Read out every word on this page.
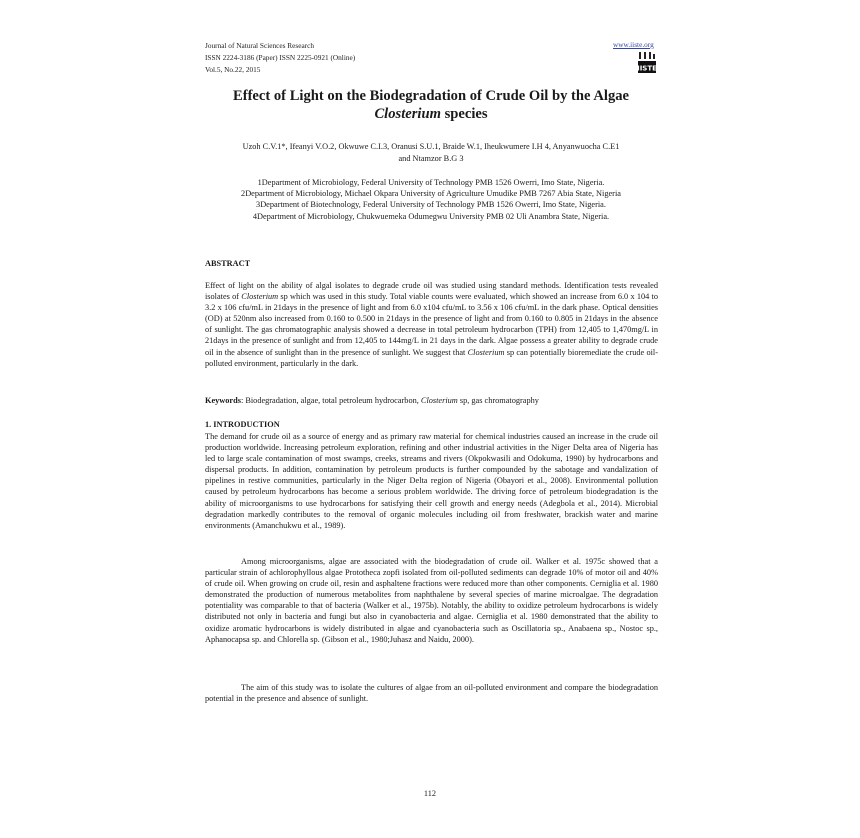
Journal of Natural Sciences Research
ISSN 2224-3186 (Paper) ISSN 2225-0921 (Online)
Vol.5, No.22, 2015
www.iiste.org
IISTE
Effect of Light on the Biodegradation of Crude Oil by the Algae
Closterium species
Uzoh C.V.1*, Ifeanyi V.O.2, Okwuwe C.I.3, Oranusi S.U.1, Braide W.1, Iheukwumere I.H 4, Anyanwuocha C.E1
and Ntamzor B.G 3
1Department of Microbiology, Federal University of Technology PMB 1526 Owerri, Imo State, Nigeria.
2Department of Microbiology, Michael Okpara University of Agriculture Umudike PMB 7267 Abia State, Nigeria
3Department of Biotechnology, Federal University of Technology PMB 1526 Owerri, Imo State, Nigeria.
4Department of Microbiology, Chukwuemeka Odumegwu University PMB 02 Uli Anambra State, Nigeria.
ABSTRACT
Effect of light on the ability of algal isolates to degrade crude oil was studied using standard methods. Identification tests revealed isolates of Closterium sp which was used in this study. Total viable counts were evaluated, which showed an increase from 6.0 x 104 to 3.2 x 106 cfu/mL in 21days in the presence of light and from 6.0 x104 cfu/mL to 3.56 x 106 cfu/mL in the dark phase. Optical densities (OD) at 520nm also increased from 0.160 to 0.500 in 21days in the presence of light and from 0.160 to 0.805 in 21days in the absence of sunlight. The gas chromatographic analysis showed a decrease in total petroleum hydrocarbon (TPH) from 12,405 to 1,470mg/L in 21days in the presence of sunlight and from 12,405 to 144mg/L in 21 days in the dark. Algae possess a greater ability to degrade crude oil in the absence of sunlight than in the presence of sunlight. We suggest that Closterium sp can potentially bioremediate the crude oil-polluted environment, particularly in the dark.
Keywords: Biodegradation, algae, total petroleum hydrocarbon, Closterium sp, gas chromatography
1. INTRODUCTION
The demand for crude oil as a source of energy and as primary raw material for chemical industries caused an increase in the crude oil production worldwide. Increasing petroleum exploration, refining and other industrial activities in the Niger Delta area of Nigeria has led to large scale contamination of most swamps, creeks, streams and rivers (Okpokwasili and Odokuma, 1990) by hydrocarbons and dispersal products. In addition, contamination by petroleum products is further compounded by the sabotage and vandalization of pipelines in restive communities, particularly in the Niger Delta region of Nigeria (Obayori et al., 2008). Environmental pollution caused by petroleum hydrocarbons has become a serious problem worldwide. The driving force of petroleum biodegradation is the ability of microorganisms to use hydrocarbons for satisfying their cell growth and energy needs (Adegbola et al., 2014). Microbial degradation markedly contributes to the removal of organic molecules including oil from freshwater, brackish water and marine environments (Amanchukwu et al., 1989).
Among microorganisms, algae are associated with the biodegradation of crude oil. Walker et al. 1975c showed that a particular strain of achlorophyllous algae Prototheca zopfi isolated from oil-polluted sediments can degrade 10% of motor oil and 40% of crude oil. When growing on crude oil, resin and asphaltene fractions were reduced more than other components. Cerniglia et al. 1980 demonstrated the production of numerous metabolites from naphthalene by several species of marine microalgae. The degradation potentiality was comparable to that of bacteria (Walker et al., 1975b). Notably, the ability to oxidize petroleum hydrocarbons is widely distributed not only in bacteria and fungi but also in cyanobacteria and algae. Cerniglia et al. 1980 demonstrated that the ability to oxidize aromatic hydrocarbons is widely distributed in algae and cyanobacteria such as Oscillatoria sp., Anabaena sp., Nostoc sp., Aphanocapsa sp. and Chlorella sp. (Gibson et al., 1980;Juhasz and Naidu, 2000).
The aim of this study was to isolate the cultures of algae from an oil-polluted environment and compare the biodegradation potential in the presence and absence of sunlight.
112
